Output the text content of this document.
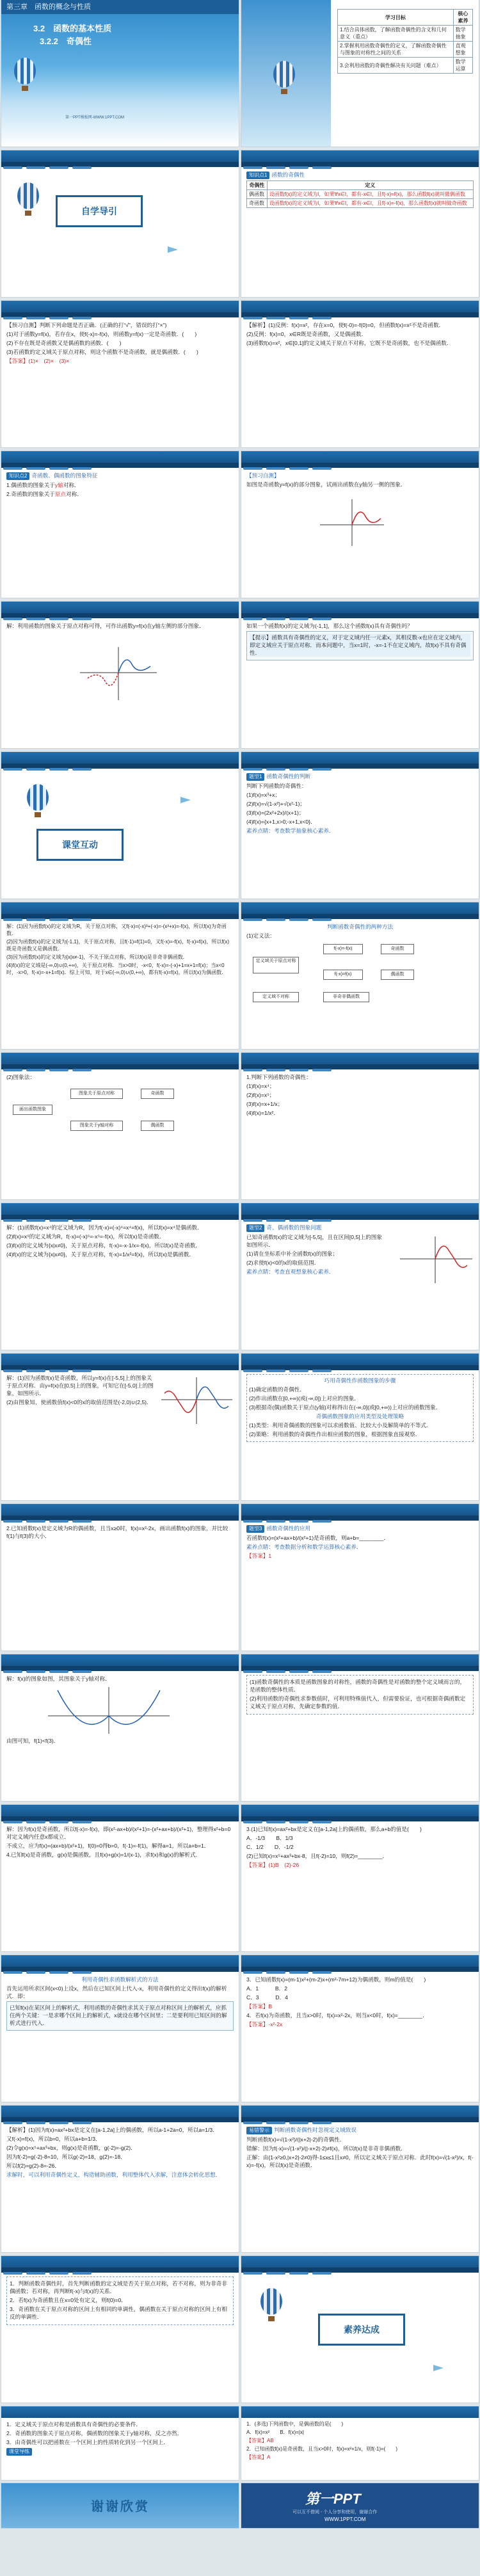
第三章　函数的概念与性质
3.2　函数的基本性质
3.2.2　奇偶性
第一PPT模板网-WWW.1PPT.COM
学习目标	核心素养
1.结合具体函数，了解函数奇偶性的含义和几何意义（重点）	数学抽象
2.掌握利用函数奇偶性的定义，了解函数奇偶性与图象的对称性之间的关系	直观想象
3.会利用函数的奇偶性解决有关问题（难点）	数学运算
自学导引

知识点1 函数的奇偶性

奇偶性	定义
偶函数	设函数f(x)的定义域为I，如果∀x∈I，都有-x∈I，且f(-x)=f(x)，那么函数f(x)就叫做偶函数
奇函数	设函数f(x)的定义域为I，如果∀x∈I，都有-x∈I，且f(-x)=-f(x)，那么函数f(x)就叫做奇函数

【预习自测】判断下列命题是否正确．(正确的打“√”，错误的打“×”)

(1)对于函数y=f(x)，若存在x，使f(-x)=-f(x)，则函数y=f(x)一定是奇函数．(　　)

(2)不存在既是奇函数又是偶函数的函数．(　　)

(3)若函数的定义域关于原点对称，则这个函数不是奇函数，就是偶函数．(　　)

【答案】(1)×　(2)×　(3)×

【解析】(1)反例：f(x)=x²，存在x=0，使f(-0)=-f(0)=0，但函数f(x)=x²不是奇函数．

(2)反例：f(x)=0，x∈R既是奇函数，又是偶函数．

(3)函数f(x)=x²，x∈[0,1]的定义域关于原点不对称，它既不是奇函数，也不是偶函数．

知识点2 奇函数、偶函数的图象特征

1.偶函数的图象关于y轴对称．

2.奇函数的图象关于原点对称．

【预习自测】

如图是奇函数y=f(x)的部分图象，试画出函数在y轴另一侧的图象．

解：利用函数的图象关于原点对称可得，可作出函数y=f(x)在y轴左侧的部分图象．	如果一个函数f(x)的定义域为(-1,1]，那么这个函数f(x)具有奇偶性吗？

【提示】函数具有奇偶性的定义，对于定义域内任一元素x，其相反数-x也应在定义域内，即定义域应关于原点对称．而本问题中，当x=1时，-x=-1不在定义域内，故f(x)不具有奇偶性．

课堂互动

题型1 函数奇偶性的判断

判断下列函数的奇偶性：

(1)f(x)=x³+x；

(2)f(x)=√(1-x²)+√(x²-1)；

(3)f(x)=(2x²+2x)/(x+1)；

(4)f(x)={x+1,x>0;-x+1,x<0}．

素养点睛：考查数学抽象核心素养．

解：(1)因为函数f(x)的定义域为R，关于原点对称，又f(-x)=(-x)³+(-x)=-(x³+x)=-f(x)，所以f(x)为奇函数．

(2)因为函数f(x)的定义域为{-1,1}，关于原点对称，且f(-1)=f(1)=0，又f(-x)=-f(x)，f(-x)=f(x)，所以f(x)既是奇函数又是偶函数．

(3)因为函数f(x)的定义域为{x|x≠-1}，不关于原点对称，所以f(x)是非奇非偶函数．

(4)f(x)的定义域是(-∞,0)∪(0,+∞)，关于原点对称．当x>0时，-x<0，f(-x)=-(-x)+1=x+1=f(x)；当x<0时，-x>0，f(-x)=-x+1=f(x)．综上可知，对于x∈(-∞,0)∪(0,+∞)，都有f(-x)=f(x)，所以f(x)为偶函数．

判断函数奇偶性的两种方法

(1)定义法：

定义域关于原点对称
f(-x)=-f(x)	奇函数
f(-x)=f(x)	偶函数
定义域不对称	非奇非偶函数

(2)图象法：

画出函数图象
图象关于原点对称	奇函数
图象关于y轴对称	偶函数

1.判断下列函数的奇偶性：

(1)f(x)=x⁴；

(2)f(x)=x⁵；

(3)f(x)=x+1/x；

(4)f(x)=1/x²．

解：(1)函数f(x)=x⁴的定义域为R，因为f(-x)=(-x)⁴=x⁴=f(x)，所以f(x)=x⁴是偶函数．

(2)f(x)=x⁵的定义域为R，f(-x)=(-x)⁵=-x⁵=-f(x)，所以f(x)是奇函数．

(3)f(x)的定义域为{x|x≠0}，关于原点对称，f(-x)=-x-1/x=-f(x)，所以f(x)是奇函数．

(4)f(x)的定义域为{x|x≠0}，关于原点对称，f(-x)=1/x²=f(x)，所以f(x)是偶函数．

题型2 奇、偶函数的图象问题

已知奇函数f(x)的定义域为[-5,5]，且在区间[0,5]上的图象如图所示．

(1)请在坐标系中补全函数f(x)的图象；

(2)求使f(x)<0的x的取值范围．

素养点睛：考查直观想象核心素养．

解：(1)因为函数f(x)是奇函数，所以y=f(x)在[-5,5]上的图象关于原点对称．由y=f(x)在[0,5]上的图象，可知它在[-5,0]上的图象，如图所示．

(2)由图象知，使函数值f(x)<0的x的取值范围是(-2,0)∪(2,5)．

巧用奇偶性作函数图象的步骤

(1)确定函数的奇偶性．

(2)作出函数在[0,+∞)(或(-∞,0])上对应的图象．

(3)根据奇(偶)函数关于原点(y轴)对称得出在(-∞,0](或[0,+∞))上对应的函数图象．

奇偶函数图象的应用类型及处理策略

(1)类型：利用奇偶函数的图象可以求函数值、比较大小及解简单的不等式．

(2)策略：利用函数的奇偶性作出相应函数的图象，根据图象直接观察．

2.已知函数f(x)是定义域为R的偶函数，且当x≥0时，f(x)=x²-2x，画出函数f(x)的图象，并比较f(1)与f(3)的大小．

题型3 函数奇偶性的应用

若函数f(x)=(x²+ax+b)/(x²+1)是奇函数，则a+b=________．

素养点睛：考查数据分析和数学运算核心素养．

【答案】1

解：f(x)的图象如图，其图象关于y轴对称．

由图可知，f(1)<f(3)．

(1)函数奇偶性的本质是函数图象的对称性，函数的奇偶性是对函数的整个定义域而言的，是函数的整体性质．

(2)利用函数的奇偶性求参数值时，可利用特殊值代入，但需要验证，也可根据奇偶函数定义域关于原点对称，先确定参数的值．

解：因为f(x)是奇函数，所以f(-x)=-f(x)，即(x²-ax+b)/(x²+1)=-(x²+ax+b)/(x²+1)，整理得x²+b=0对定义域内任意x都成立．

不成立，应为f(x)=(ax+b)/(x²+1)，f(0)=0得b=0，f(-1)=-f(1)，解得a=1，所以a+b=1．

4.已知f(x)是奇函数，g(x)是偶函数，且f(x)+g(x)=1/(x-1)，求f(x)和g(x)的解析式．

3.(1)已知f(x)=ax²+bx是定义在[a-1,2a]上的偶函数，那么a+b的值是(　　)

A．-1/3　　B．1/3

C．1/2　　D．-1/2

(2)已知f(x)=x⁵+ax³+bx-8，且f(-2)=10，则f(2)=________．

【答案】(1)B　(2)-26

利用奇偶性求函数解析式的方法

首先运用所求区间(x<0)上设x，然后在已知区间上代入-x，利用奇偶性的定义得出f(x)的解析式．即：

已知f(x)在某区间上的解析式，利用函数的奇偶性求其关于原点对称区间上的解析式，应抓住两个关键：一是求哪个区间上的解析式，x就设在哪个区间里；二是要利用已知区间的解析式进行代入．

3．已知函数f(x)=(m-1)x²+(m-2)x+(m²-7m+12)为偶函数，则m的值是(　　)

A．1　　　B．2

C．3　　　D．4

【答案】B

4．若f(x)为奇函数，且当x>0时，f(x)=x²-2x，则当x<0时，f(x)=________．

【答案】-x²-2x

【解析】(1)因为f(x)=ax²+bx是定义在[a-1,2a]上的偶函数，所以a-1+2a=0，所以a=1/3．

又f(-x)=f(x)，所以b=0，所以a+b=1/3．

(2)令g(x)=x⁵+ax³+bx，则g(x)是奇函数，g(-2)=-g(2)．

因为f(-2)=g(-2)-8=10，所以g(-2)=18，g(2)=-18．

所以f(2)=g(2)-8=-26．

求解时，可以利用奇偶性定义，构造辅助函数，利用整体代入求解，注意体会转化思想．

易错警示 判断函数奇偶性时忽视定义域致误

判断函数f(x)=√(1-x²)/(|x+2|-2)的奇偶性．

错解：因为f(-x)=√(1-x²)/(|-x+2|-2)≠f(x)，所以f(x)是非奇非偶函数．

正解：由{1-x²≥0,|x+2|-2≠0}得-1≤x≤1且x≠0，所以定义域关于原点对称．此时f(x)=√(1-x²)/x，f(-x)=-f(x)，所以f(x)是奇函数．

1．判断函数奇偶性时，首先判断函数的定义域是否关于原点对称，若不对称，则为非奇非偶函数；若对称，再判断f(-x)与f(x)的关系．

2．若f(x)为奇函数且在x=0处有定义，则f(0)=0．

3．奇函数在关于原点对称的区间上有相同的单调性，偶函数在关于原点对称的区间上有相反的单调性．

素养达成

1．定义域关于原点对称是函数具有奇偶性的必要条件．

2．奇函数的图象关于原点对称，偶函数的图象关于y轴对称，反之亦然．

3．由奇偶性可以把函数在一个区间上的性质转化到另一个区间上．

课堂导练

1．(多选)下列函数中，是偶函数的是(　　)

A．f(x)=x²　　B．f(x)=|x|

【答案】AB

2．已知函数f(x)是奇函数，且当x>0时，f(x)=x²+1/x，则f(-1)=(　　)

【答案】A

谢谢欣赏	第一PPT
可以互不借阅 - 个人分享和使用，谢谢合作
WWW.1PPT.COM
